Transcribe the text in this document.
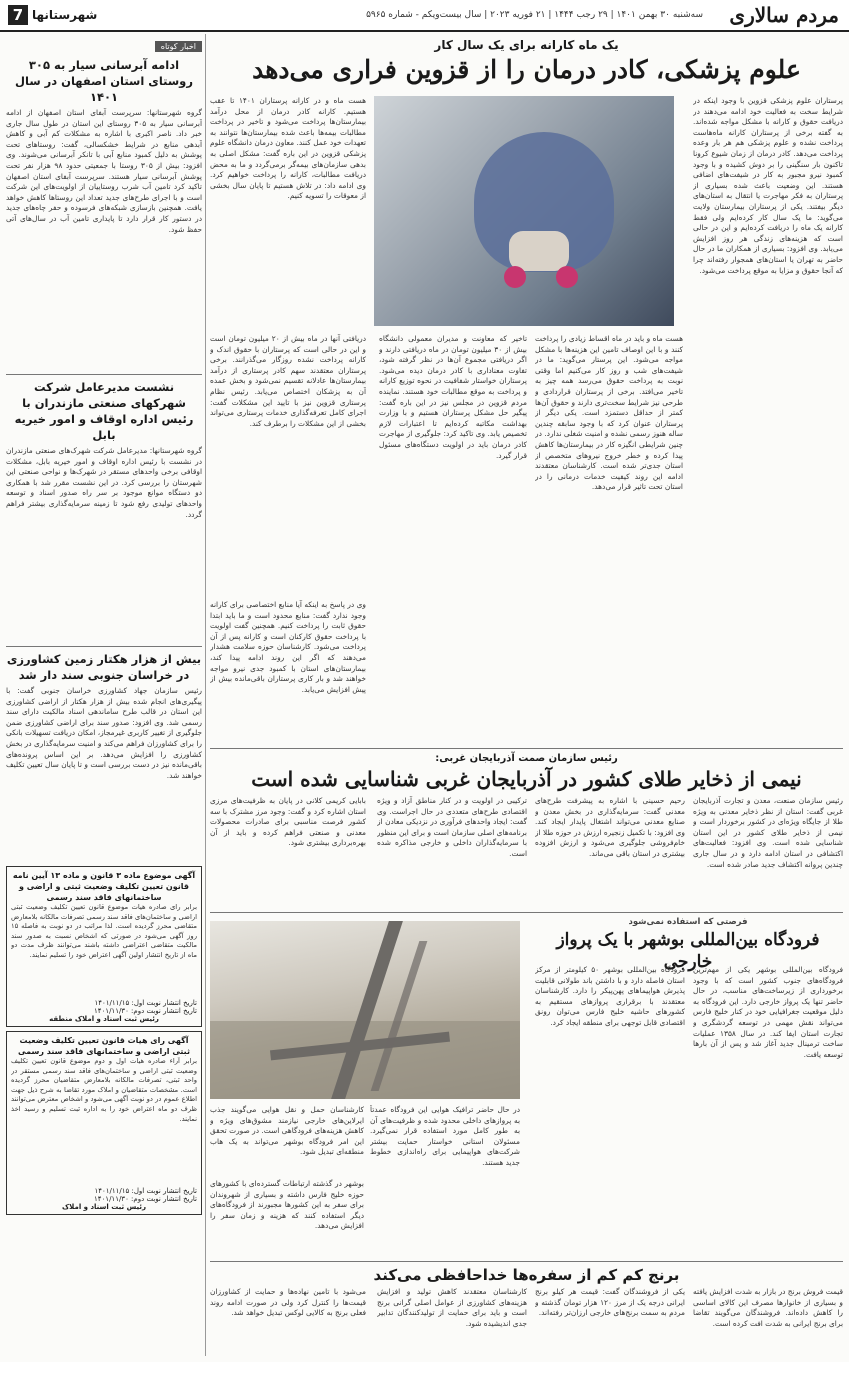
مردم سالاری
سه‌شنبه ۳۰ بهمن ۱۴۰۱ | ۲۹ رجب ۱۴۴۴ | ۲۱ فوریه ۲۰۲۳ | سال بیست‌ویکم - شماره ۵۹۶۵
شهرستانها
7
اخبار کوتاه
ادامه آبرسانی سیار به ۳۰۵ روستای استان اصفهان در سال ۱۴۰۱
گروه شهرستانها: سرپرست آبفای استان اصفهان از ادامه آبرسانی سیار به ۳۰۵ روستای این استان در طول سال جاری خبر داد. ناصر اکبری با اشاره به مشکلات کم آبی و کاهش آبدهی منابع در شرایط خشکسالی، گفت: روستاهای تحت پوشش به دلیل کمبود منابع آبی با تانکر آبرسانی می‌شوند. وی افزود: بیش از ۳۰۵ روستا با جمعیتی حدود ۹۸ هزار نفر تحت پوشش آبرسانی سیار هستند. سرپرست آبفای استان اصفهان تاکید کرد تامین آب شرب روستاییان از اولویت‌های این شرکت است و با اجرای طرح‌های جدید تعداد این روستاها کاهش خواهد یافت. همچنین بازسازی شبکه‌های فرسوده و حفر چاه‌های جدید در دستور کار قرار دارد تا پایداری تامین آب در سال‌های آتی حفظ شود.
نشست مدیرعامل شرکت شهرکهای صنعتی مازندران با رئیس اداره اوقاف و امور خیریه بابل
گروه شهرستانها: مدیرعامل شرکت شهرک‌های صنعتی مازندران در نشست با رئیس اداره اوقاف و امور خیریه بابل، مشکلات اوقافی برخی واحدهای مستقر در شهرک‌ها و نواحی صنعتی این شهرستان را بررسی کرد. در این نشست مقرر شد با همکاری دو دستگاه موانع موجود بر سر راه صدور اسناد و توسعه واحدهای تولیدی رفع شود تا زمینه سرمایه‌گذاری بیشتر فراهم گردد.
بیش از هزار هکتار زمین کشاورزی در خراسان جنوبی سند دار شد
رئیس سازمان جهاد کشاورزی خراسان جنوبی گفت: با پیگیری‌های انجام شده بیش از هزار هکتار از اراضی کشاورزی این استان در قالب طرح ساماندهی اسناد مالکیت دارای سند رسمی شد. وی افزود: صدور سند برای اراضی کشاورزی ضمن جلوگیری از تغییر کاربری غیرمجاز، امکان دریافت تسهیلات بانکی را برای کشاورزان فراهم می‌کند و امنیت سرمایه‌گذاری در بخش کشاورزی را افزایش می‌دهد. بر این اساس پرونده‌های باقی‌مانده نیز در دست بررسی است و تا پایان سال تعیین تکلیف خواهند شد.
آگهی موضوع ماده ۳ قانون و ماده ۱۳ آیین نامه قانون تعیین تکلیف وضعیت ثبتی و اراضی و ساختمانهای فاقد سند رسمی
برابر رای صادره هیات موضوع قانون تعیین تکلیف وضعیت ثبتی اراضی و ساختمان‌های فاقد سند رسمی تصرفات مالکانه بلامعارض متقاضی محرز گردیده است. لذا مراتب در دو نوبت به فاصله ۱۵ روز آگهی می‌شود در صورتی که اشخاص نسبت به صدور سند مالکیت متقاضی اعتراضی داشته باشند می‌توانند ظرف مدت دو ماه از تاریخ انتشار اولین آگهی اعتراض خود را تسلیم نمایند.
تاریخ انتشار نوبت اول: ۱۴۰۱/۱۱/۱۵
تاریخ انتشار نوبت دوم: ۱۴۰۱/۱۱/۳۰
رئیس ثبت اسناد و املاک منطقه
آگهی رای هیات قانون تعیین تکلیف وضعیت ثبتی اراضی و ساختمانهای فاقد سند رسمی
برابر آراء صادره هیات اول و دوم موضوع قانون تعیین تکلیف وضعیت ثبتی اراضی و ساختمان‌های فاقد سند رسمی مستقر در واحد ثبتی، تصرفات مالکانه بلامعارض متقاضیان محرز گردیده است. مشخصات متقاضیان و املاک مورد تقاضا به شرح ذیل جهت اطلاع عموم در دو نوبت آگهی می‌شود و اشخاص معترض می‌توانند ظرف دو ماه اعتراض خود را به اداره ثبت تسلیم و رسید اخذ نمایند.
تاریخ انتشار نوبت اول: ۱۴۰۱/۱۱/۱۵
تاریخ انتشار نوبت دوم: ۱۴۰۱/۱۱/۳۰
رئیس ثبت اسناد و املاک
یک ماه کارانه برای یک سال کار
علوم پزشکی، کادر درمان را از قزوین فراری می‌دهد
پرستاران علوم پزشکی قزوین با وجود اینکه در شرایط سخت به فعالیت خود ادامه می‌دهند در دریافت حقوق و کارانه با مشکل مواجه شده‌اند. به گفته برخی از پرستاران کارانه ماه‌هاست پرداخت نشده و علوم پزشکی هم هر بار وعده پرداخت می‌دهد. کادر درمان از زمان شیوع کرونا تاکنون بار سنگینی را بر دوش کشیده و با وجود کمبود نیرو مجبور به کار در شیفت‌های اضافی هستند. این وضعیت باعث شده بسیاری از پرستاران به فکر مهاجرت یا انتقال به استان‌های دیگر بیفتند. یکی از پرستاران بیمارستان ولایت می‌گوید: ما یک سال کار کرده‌ایم ولی فقط کارانه یک ماه را دریافت کرده‌ایم و این در حالی است که هزینه‌های زندگی هر روز افزایش می‌یابد. وی افزود: بسیاری از همکاران ما در حال حاضر به تهران یا استان‌های همجوار رفته‌اند چرا که آنجا حقوق و مزایا به موقع پرداخت می‌شود.
هست ماه و در کارانه پرستاران ۱۴۰۱ تا عقب هستیم. کارانه کادر درمان از محل درآمد بیمارستان‌ها پرداخت می‌شود و تاخیر در پرداخت مطالبات بیمه‌ها باعث شده بیمارستان‌ها نتوانند به تعهدات خود عمل کنند. معاون درمان دانشگاه علوم پزشکی قزوین در این باره گفت: مشکل اصلی به بدهی سازمان‌های بیمه‌گر برمی‌گردد و ما به محض دریافت مطالبات، کارانه را پرداخت خواهیم کرد. وی ادامه داد: در تلاش هستیم تا پایان سال بخشی از معوقات را تسویه کنیم.
هست ماه و باید در ماه اقساط زیادی را پرداخت کنند و با این اوصاف تامین این هزینه‌ها با مشکل مواجه می‌شود. این پرستار می‌گوید: ما در شیفت‌های شب و روز کار می‌کنیم اما وقتی نوبت به پرداخت حقوق می‌رسد همه چیز به تاخیر می‌افتد. برخی از پرستاران قراردادی و طرحی نیز شرایط سخت‌تری دارند و حقوق آن‌ها کمتر از حداقل دستمزد است. یکی دیگر از پرستاران عنوان کرد که با وجود سابقه چندین ساله هنوز رسمی نشده و امنیت شغلی ندارد. در چنین شرایطی انگیزه کار در بیمارستان‌ها کاهش پیدا کرده و خطر خروج نیروهای متخصص از استان جدی‌تر شده است. کارشناسان معتقدند ادامه این روند کیفیت خدمات درمانی را در استان تحت تاثیر قرار می‌دهد.
تاخیر که معاونت و مدیران معمولی دانشگاه بیش از ۳۰ میلیون تومان در ماه دریافتی دارند و اگر دریافتی مجموع آن‌ها در نظر گرفته شود، تفاوت معناداری با کادر درمان دیده می‌شود. پرستاران خواستار شفافیت در نحوه توزیع کارانه و پرداخت به موقع مطالبات خود هستند. نماینده مردم قزوین در مجلس نیز در این باره گفت: پیگیر حل مشکل پرستاران هستیم و با وزارت بهداشت مکاتبه کرده‌ایم تا اعتبارات لازم تخصیص یابد. وی تاکید کرد: جلوگیری از مهاجرت کادر درمان باید در اولویت دستگاه‌های مسئول قرار گیرد.
دریافتی آنها در ماه بیش از ۲۰ میلیون تومان است و این در حالی است که پرستاران با حقوق اندک و کارانه پرداخت نشده روزگار می‌گذرانند. برخی پرستاران معتقدند سهم کادر پرستاری از درآمد بیمارستان‌ها عادلانه تقسیم نمی‌شود و بخش عمده آن به پزشکان اختصاص می‌یابد. رئیس نظام پرستاری قزوین نیز با تایید این مشکلات گفت: اجرای کامل تعرفه‌گذاری خدمات پرستاری می‌تواند بخشی از این مشکلات را برطرف کند.
وی در پاسخ به اینکه آیا منابع اختصاصی برای کارانه وجود ندارد گفت: منابع محدود است و ما باید ابتدا حقوق ثابت را پرداخت کنیم. همچنین گفت اولویت با پرداخت حقوق کارکنان است و کارانه پس از آن پرداخت می‌شود. کارشناسان حوزه سلامت هشدار می‌دهند که اگر این روند ادامه پیدا کند، بیمارستان‌های استان با کمبود جدی نیرو مواجه خواهند شد و بار کاری پرستاران باقی‌مانده بیش از پیش افزایش می‌یابد.
رئیس سازمان صمت آذربایجان غربی:
نیمی از ذخایر طلای کشور در آذربایجان غربی شناسایی شده است
رئیس سازمان صنعت، معدن و تجارت آذربایجان غربی گفت: استان از نظر ذخایر معدنی به ویژه طلا از جایگاه ویژه‌ای در کشور برخوردار است و نیمی از ذخایر طلای کشور در این استان شناسایی شده است. وی افزود: فعالیت‌های اکتشافی در استان ادامه دارد و در سال جاری چندین پروانه اکتشاف جدید صادر شده است.
رحیم حسینی با اشاره به پیشرفت طرح‌های معدنی گفت: سرمایه‌گذاری در بخش معدن و صنایع معدنی می‌تواند اشتغال پایدار ایجاد کند. وی افزود: با تکمیل زنجیره ارزش در حوزه طلا از خام‌فروشی جلوگیری می‌شود و ارزش افزوده بیشتری در استان باقی می‌ماند.
ترکیبی در اولویت و در کنار مناطق آزاد و ویژه اقتصادی طرح‌های متعددی در حال اجراست. وی گفت: ایجاد واحدهای فرآوری در نزدیکی معادن از برنامه‌های اصلی سازمان است و برای این منظور با سرمایه‌گذاران داخلی و خارجی مذاکره شده است.
بابایی کریمی کلانی در پایان به ظرفیت‌های مرزی استان اشاره کرد و گفت: وجود مرز مشترک با سه کشور فرصت مناسبی برای صادرات محصولات معدنی و صنعتی فراهم کرده و باید از آن بهره‌برداری بیشتری شود.
فرصتی که استفاده نمی‌شود
فرودگاه بین‌المللی بوشهر با یک پرواز خارجی
فرودگاه بین‌المللی بوشهر یکی از مهم‌ترین فرودگاه‌های جنوب کشور است که با وجود برخورداری از زیرساخت‌های مناسب، در حال حاضر تنها یک پرواز خارجی دارد. این فرودگاه به دلیل موقعیت جغرافیایی خود در کنار خلیج فارس می‌تواند نقش مهمی در توسعه گردشگری و تجارت استان ایفا کند. در سال ۱۳۵۸ عملیات ساخت ترمینال جدید آغاز شد و پس از آن بارها توسعه یافت.
فرودگاه بین‌المللی بوشهر ۵۰ کیلومتر از مرکز استان فاصله دارد و با داشتن باند طولانی قابلیت پذیرش هواپیماهای پهن‌پیکر را دارد. کارشناسان معتقدند با برقراری پروازهای مستقیم به کشورهای حاشیه خلیج فارس می‌توان رونق اقتصادی قابل توجهی برای منطقه ایجاد کرد.
در حال حاضر ترافیک هوایی این فرودگاه عمدتاً به پروازهای داخلی محدود شده و ظرفیت‌های آن به طور کامل مورد استفاده قرار نمی‌گیرد. مسئولان استانی خواستار حمایت بیشتر شرکت‌های هواپیمایی برای راه‌اندازی خطوط جدید هستند.
کارشناسان حمل و نقل هوایی می‌گویند جذب ایرلاین‌های خارجی نیازمند مشوق‌های ویژه و کاهش هزینه‌های فرودگاهی است. در صورت تحقق این امر فرودگاه بوشهر می‌تواند به یک هاب منطقه‌ای تبدیل شود.
بوشهر در گذشته ارتباطات گسترده‌ای با کشورهای حوزه خلیج فارس داشته و بسیاری از شهروندان برای سفر به این کشورها مجبورند از فرودگاه‌های دیگر استفاده کنند که هزینه و زمان سفر را افزایش می‌دهد.
برنج کم کم از سفره‌ها خداحافظی می‌کند
قیمت فروش برنج در بازار به شدت افزایش یافته و بسیاری از خانوارها مصرف این کالای اساسی را کاهش داده‌اند. فروشندگان می‌گویند تقاضا برای برنج ایرانی به شدت افت کرده است.
یکی از فروشندگان گفت: قیمت هر کیلو برنج ایرانی درجه یک از مرز ۱۲۰ هزار تومان گذشته و مردم به سمت برنج‌های خارجی ارزان‌تر رفته‌اند.
کارشناسان معتقدند کاهش تولید و افزایش هزینه‌های کشاورزی از عوامل اصلی گرانی برنج است و باید برای حمایت از تولیدکنندگان تدابیر جدی اندیشیده شود.
می‌شود با تامین نهاده‌ها و حمایت از کشاورزان قیمت‌ها را کنترل کرد ولی در صورت ادامه روند فعلی برنج به کالایی لوکس تبدیل خواهد شد.
